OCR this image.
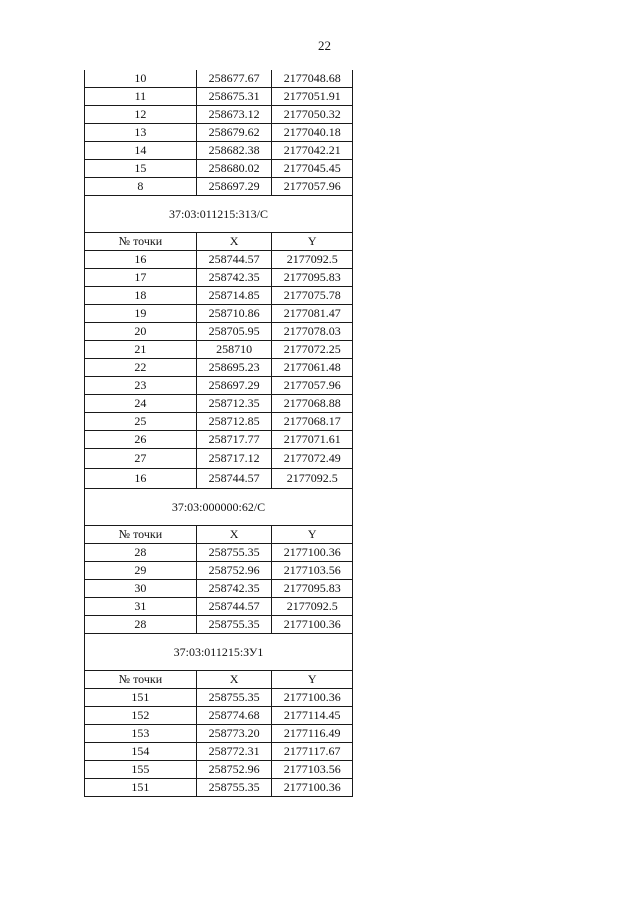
22
10	258677.67	2177048.68
11	258675.31	2177051.91
12	258673.12	2177050.32
13	258679.62	2177040.18
14	258682.38	2177042.21
15	258680.02	2177045.45
8	258697.29	2177057.96
37:03:011215:313/С		
№ точки	X	Y
16	258744.57	2177092.5
17	258742.35	2177095.83
18	258714.85	2177075.78
19	258710.86	2177081.47
20	258705.95	2177078.03
21	258710	2177072.25
22	258695.23	2177061.48
23	258697.29	2177057.96
24	258712.35	2177068.88
25	258712.85	2177068.17
26	258717.77	2177071.61
27	258717.12	2177072.49
16	258744.57	2177092.5
37:03:000000:62/С		
№ точки	X	Y
28	258755.35	2177100.36
29	258752.96	2177103.56
30	258742.35	2177095.83
31	258744.57	2177092.5
28	258755.35	2177100.36
37:03:011215:ЗУ1		
№ точки	X	Y
151	258755.35	2177100.36
152	258774.68	2177114.45
153	258773.20	2177116.49
154	258772.31	2177117.67
155	258752.96	2177103.56
151	258755.35	2177100.36
